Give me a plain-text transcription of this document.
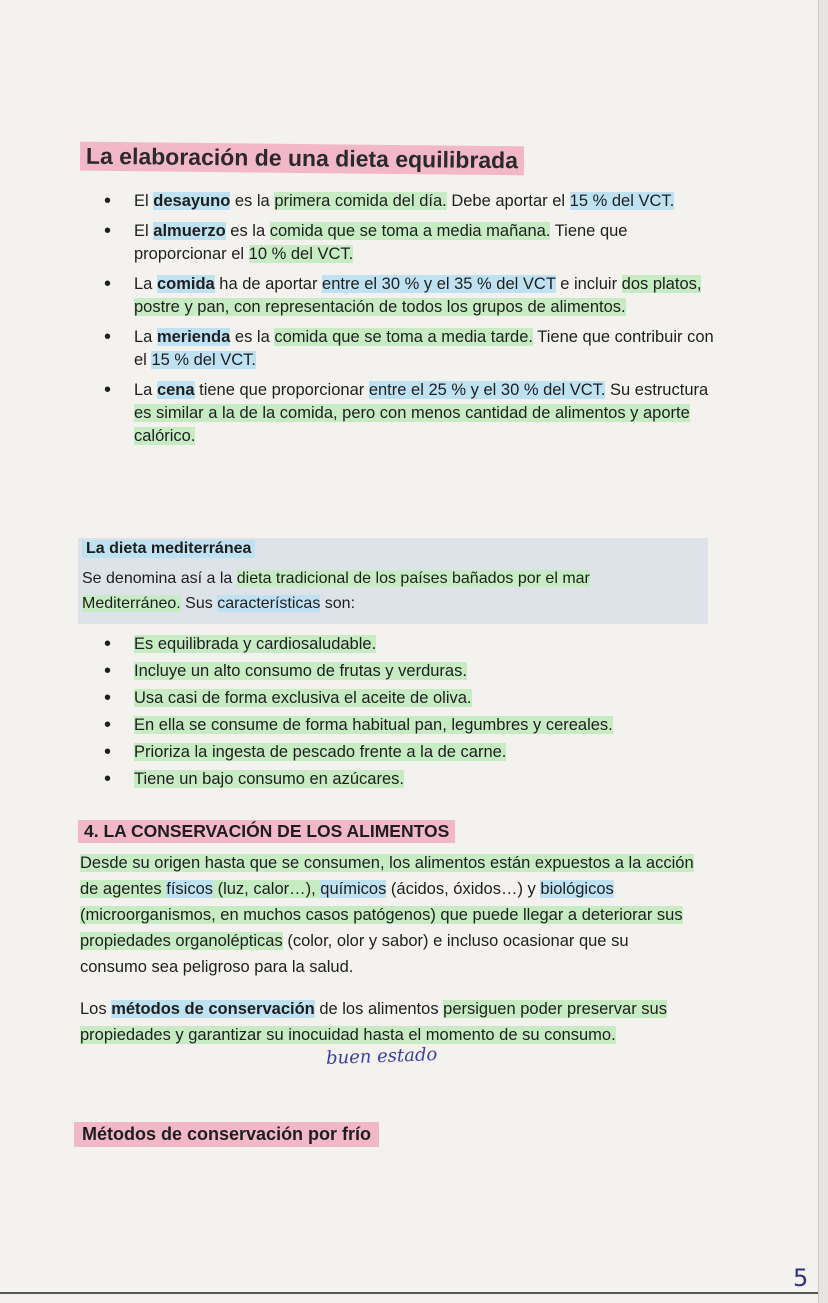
La elaboración de una dieta equilibrada
• El desayuno es la primera comida del día. Debe aportar el 15 % del VCT.
• El almuerzo es la comida que se toma a media mañana. Tiene que proporcionar el 10 % del VCT.
• La comida ha de aportar entre el 30 % y el 35 % del VCT e incluir dos platos, postre y pan, con representación de todos los grupos de alimentos.
• La merienda es la comida que se toma a media tarde. Tiene que contribuir con el 15 % del VCT.
• La cena tiene que proporcionar entre el 25 % y el 30 % del VCT. Su estructura es similar a la de la comida, pero con menos cantidad de alimentos y aporte calórico.
La dieta mediterránea
Se denomina así a la dieta tradicional de los países bañados por el mar Mediterráneo. Sus características son:
• Es equilibrada y cardiosaludable.
• Incluye un alto consumo de frutas y verduras.
• Usa casi de forma exclusiva el aceite de oliva.
• En ella se consume de forma habitual pan, legumbres y cereales.
• Prioriza la ingesta de pescado frente a la de carne.
• Tiene un bajo consumo en azúcares.
4. LA CONSERVACIÓN DE LOS ALIMENTOS
Desde su origen hasta que se consumen, los alimentos están expuestos a la acción de agentes físicos (luz, calor…), químicos (ácidos, óxidos…) y biológicos (microorganismos, en muchos casos patógenos) que puede llegar a deteriorar sus propiedades organolépticas (color, olor y sabor) e incluso ocasionar que su consumo sea peligroso para la salud.
Los métodos de conservación de los alimentos persiguen poder preservar sus propiedades y garantizar su inocuidad hasta el momento de su consumo.
buen estado
Métodos de conservación por frío
5
